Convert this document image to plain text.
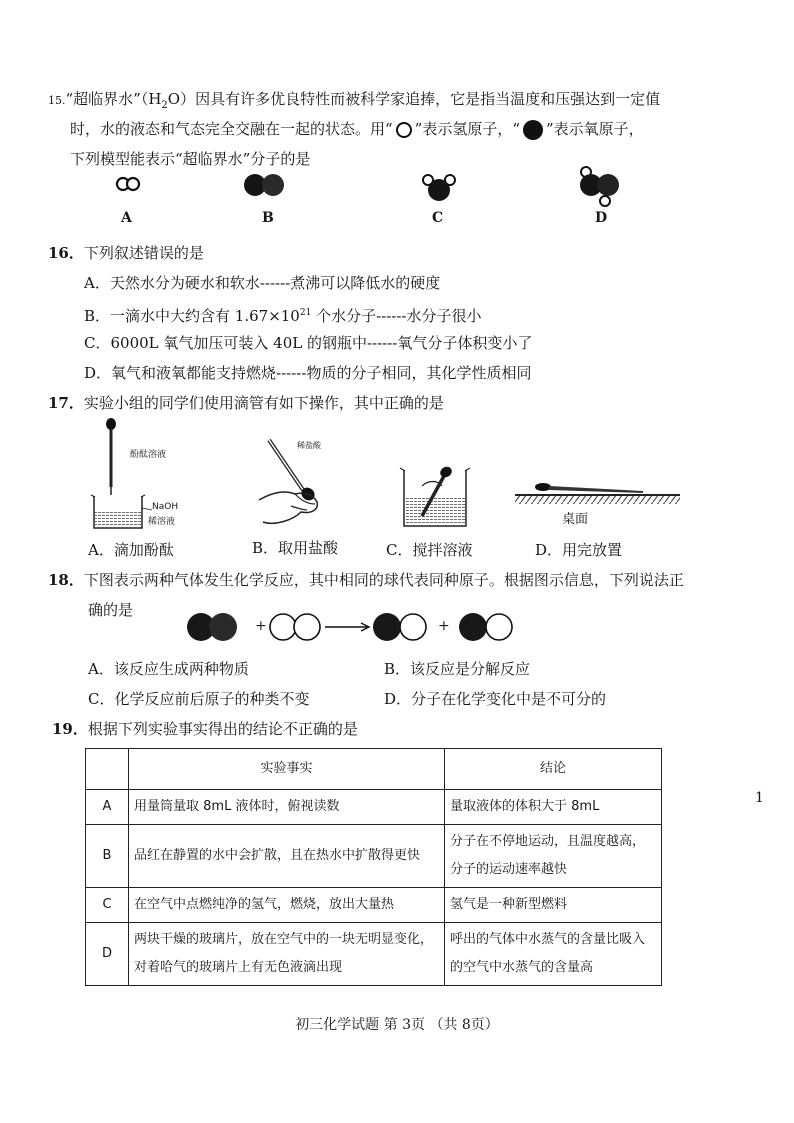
15.“超临界水$”(H_2O)$因具有许多优良特性而被科学家追捧，它是指当温度和压强达到一定值
时，水的液态和气态完全交融在一起的状态。用“ ”表示氢原子，“ ”表示氧原子，
下列模型能表示“超临界水”分子的是
A	B	C	D
16．下列叙述错误的是
A．天然水分为硬水和软水------煮沸可以降低水的硬度
B．一滴水中大约含有 $1.67\times 10^{21}$ 个水分子------水分子很小
C．6000L 氧气加压可装入 40L 的钢瓶中------氧气分子体积变小了
D．氧气和液氧都能支持燃烧------物质的分子相同，其化学性质相同
17．实验小组的同学们使用滴管有如下操作，其中正确的是
酚酞溶液
NaOH
稀溶液
稀盐酸
桌面
A．滴加酚酞	B．取用盐酸	C．搅拌溶液	D．用完放置
18．下图表示两种气体发生化学反应，其中相同的球代表同种原子。根据图示信息，下列说法正
确的是
+	+
A．该反应生成两种物质	B．该反应是分解反应
C．化学反应前后原子的种类不变	D．分子在化学变化中是不可分的
19．根据下列实验事实得出的结论不正确的是
	实验事实	结论
A	用量筒量取 8mL 液体时，俯视读数	量取液体的体积大于 8mL
B	品红在静置的水中会扩散，且在热水中扩散得更快	分子在不停地运动，且温度越高，分子的运动速率越快
C	在空气中点燃纯净的氢气，燃烧，放出大量热	氢气是一种新型燃料
D	两块干燥的玻璃片，放在空气中的一块无明显变化，对着哈气的玻璃片上有无色液滴出现	呼出的气体中水蒸气的含量比吸入的空气中水蒸气的含量高
1
初三化学试题 第 3页 （共 8页）
